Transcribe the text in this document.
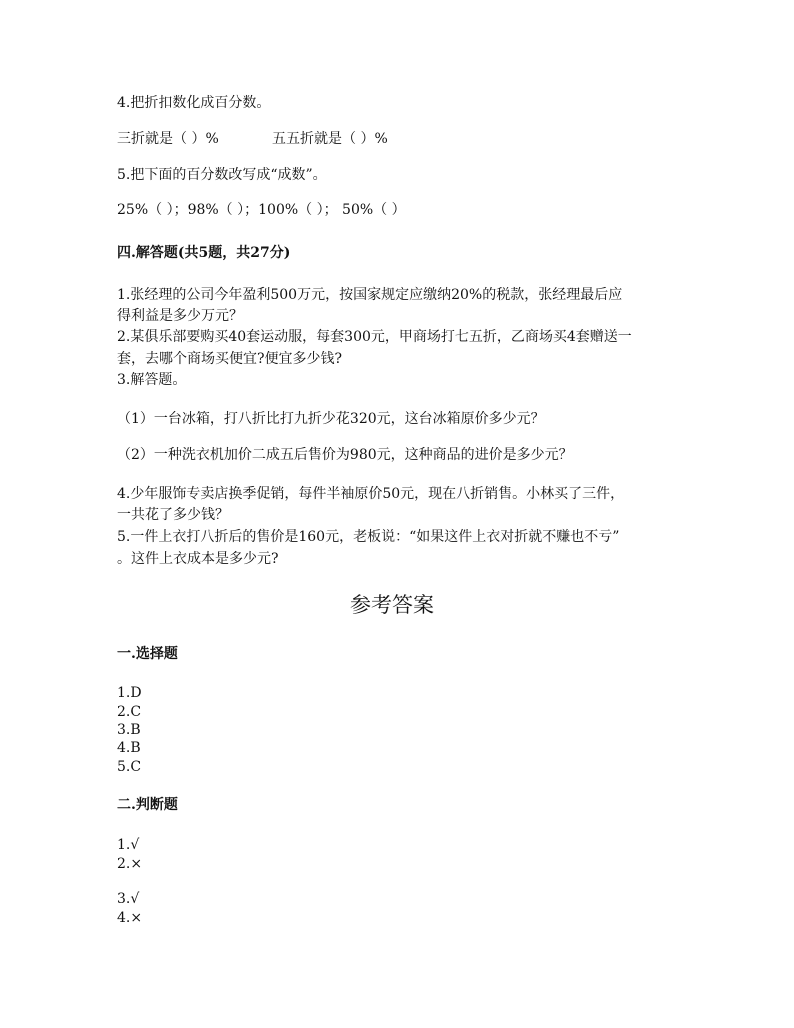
4.把折扣数化成百分数。
三折就是（ ）%	五五折就是（ ）%
5.把下面的百分数改写成“成数”。
25%（ ）；98%（ ）；100%（ ）； 50%（ ）
四.解答题(共5题，共27分)
1.张经理的公司今年盈利500万元，按国家规定应缴纳20%的税款，张经理最后应
得利益是多少万元？
2.某俱乐部要购买40套运动服，每套300元，甲商场打七五折，乙商场买4套赠送一
套，去哪个商场买便宜?便宜多少钱?
3.解答题。
（1）一台冰箱，打八折比打九折少花320元，这台冰箱原价多少元？
（2）一种洗衣机加价二成五后售价为980元，这种商品的进价是多少元？
4.少年服饰专卖店换季促销，每件半袖原价50元，现在八折销售。小林买了三件，
一共花了多少钱？
5.一件上衣打八折后的售价是160元，老板说：“如果这件上衣对折就不赚也不亏”
。这件上衣成本是多少元?
参考答案
一.选择题
1.D
2.C
3.B
4.B
5.C
二.判断题
1.√
2.×
3.√
4.×
